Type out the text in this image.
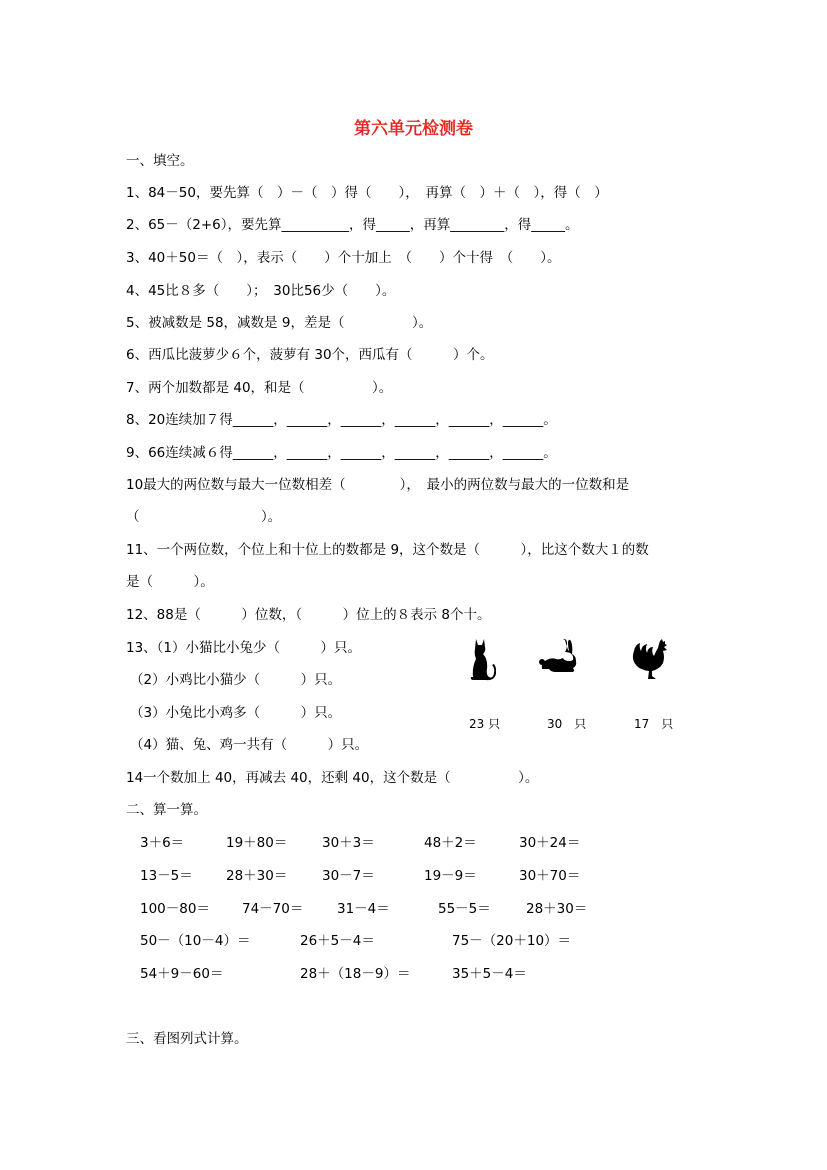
第六单元检测卷
一、填空。
1、84－50，要先算（　）－（　）得（　　），　再算（　）＋（　），得（　）
2、65－（2+6），要先算__________，得_____，再算________，得_____。
3、40＋50＝（　），表示（　　）个十加上　（　　）个十得　（　　）。
4、45比８多（　　）；　30比56少（　　）。
5、被减数是 58，减数是 9，差是（　　　　　）。
6、西瓜比菠萝少６个，菠萝有 30个，西瓜有（　　　）个。
7、两个加数都是 40，和是（　　　　　）。
8、20连续加７得______，______，______，______，______，______。
9、66连续减６得______，______，______，______，______，______。
10最大的两位数与最大一位数相差（　　　　），　最小的两位数与最大的一位数和是
（　　　　　　　　　）。
11、一个两位数，个位上和十位上的数都是 9，这个数是（　　　），比这个数大１的数
是（　　　）。
12、88是（　　　）位数，（　　　）位上的８表示 8个十。
13、（1）小猫比小兔少（　　　）只。
（2）小鸡比小猫少（　　　）只。
（3）小兔比小鸡多（　　　）只。
（4）猫、兔、鸡一共有（　　　）只。
14一个数加上 40，再减去 40，还剩 40，这个数是（　　　　　）。
23 只	30　只	17　只
二、算一算。
3＋6＝	19＋80＝	30＋3＝	48＋2＝	30＋24＝
13－5＝ 28＋30＝	30－7＝	19－9＝	30＋70＝
100－80＝ 74－70＝ 31－4＝	55－5＝	28＋30＝
50－（10－4）＝	26＋5－4＝	75－（20＋10）＝
54＋9－60＝	28＋（18－9）＝	35＋5－4＝
三、看图列式计算。
